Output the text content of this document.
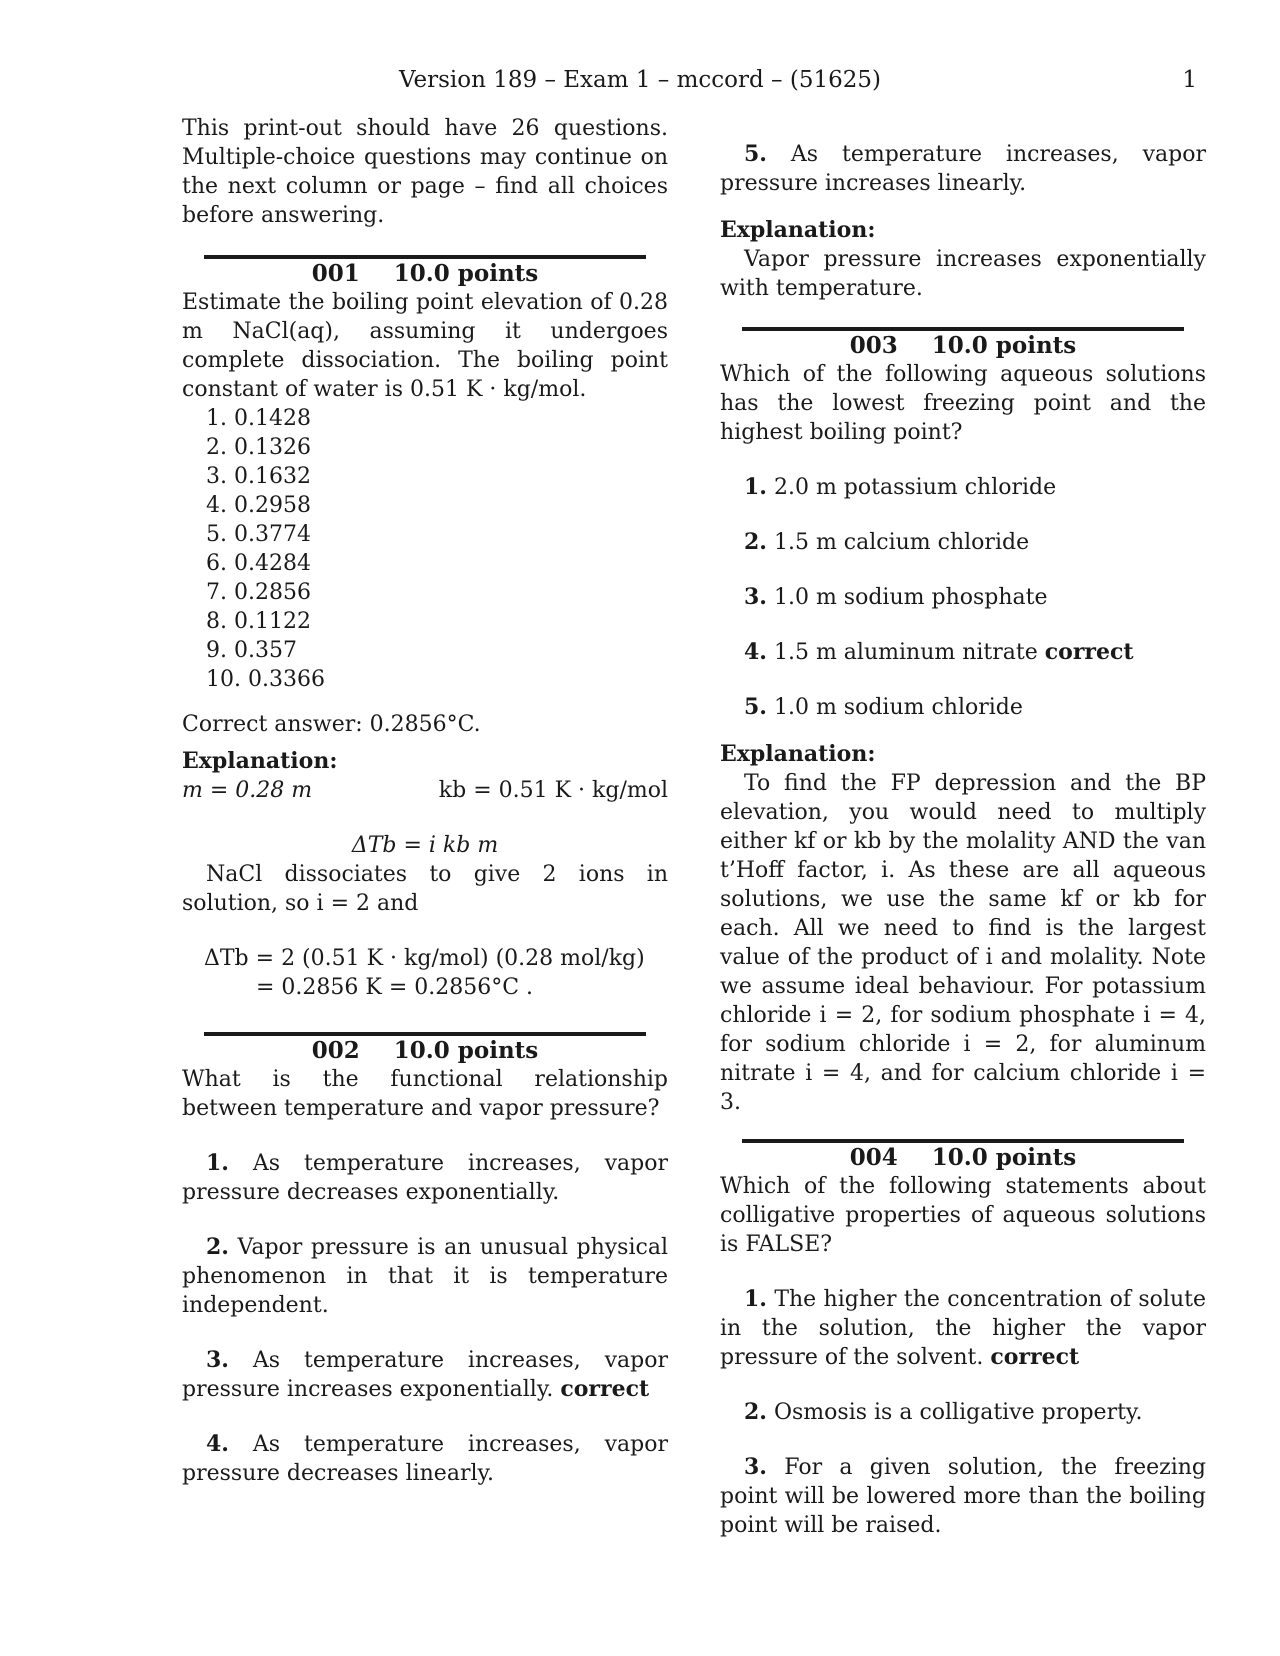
Version 189 – Exam 1 – mccord – (51625)	1

This print-out should have 26 questions. Multiple-choice questions may continue on the next column or page – find all choices before answering.

001 10.0 points

Estimate the boiling point elevation of 0.28 m NaCl(aq), assuming it undergoes complete dissociation. The boiling point constant of water is 0.51 K · kg/mol.

1. 0.1428
2. 0.1326
3. 0.1632
4. 0.2958
5. 0.3774
6. 0.4284
7. 0.2856
8. 0.1122
9. 0.357
10. 0.3366

Correct answer: 0.2856°C.

Explanation:

m = 0.28 m	kb = 0.51 K · kg/mol

ΔTb = i kb m

NaCl dissociates to give 2 ions in solution, so i = 2 and

ΔTb = 2 (0.51 K · kg/mol) (0.28 mol/kg)
= 0.2856 K = 0.2856°C .
002 10.0 points

What is the functional relationship between temperature and vapor pressure?

1. As temperature increases, vapor pressure decreases exponentially.
2. Vapor pressure is an unusual physical phenomenon in that it is temperature independent.
3. As temperature increases, vapor pressure increases exponentially. correct
4. As temperature increases, vapor pressure decreases linearly.
5. As temperature increases, vapor pressure increases linearly.

Explanation:

Vapor pressure increases exponentially with temperature.

003 10.0 points

Which of the following aqueous solutions has the lowest freezing point and the highest boiling point?

1. 2.0 m potassium chloride
2. 1.5 m calcium chloride
3. 1.0 m sodium phosphate
4. 1.5 m aluminum nitrate correct
5. 1.0 m sodium chloride

Explanation:

To find the FP depression and the BP elevation, you would need to multiply either kf or kb by the molality AND the van t’Hoff factor, i. As these are all aqueous solutions, we use the same kf or kb for each. All we need to find is the largest value of the product of i and molality. Note we assume ideal behaviour. For potassium chloride i = 2, for sodium phosphate i = 4, for sodium chloride i = 2, for aluminum nitrate i = 4, and for calcium chloride i = 3.

004 10.0 points

Which of the following statements about colligative properties of aqueous solutions is FALSE?

1. The higher the concentration of solute in the solution, the higher the vapor pressure of the solvent. correct
2. Osmosis is a colligative property.
3. For a given solution, the freezing point will be lowered more than the boiling point will be raised.
